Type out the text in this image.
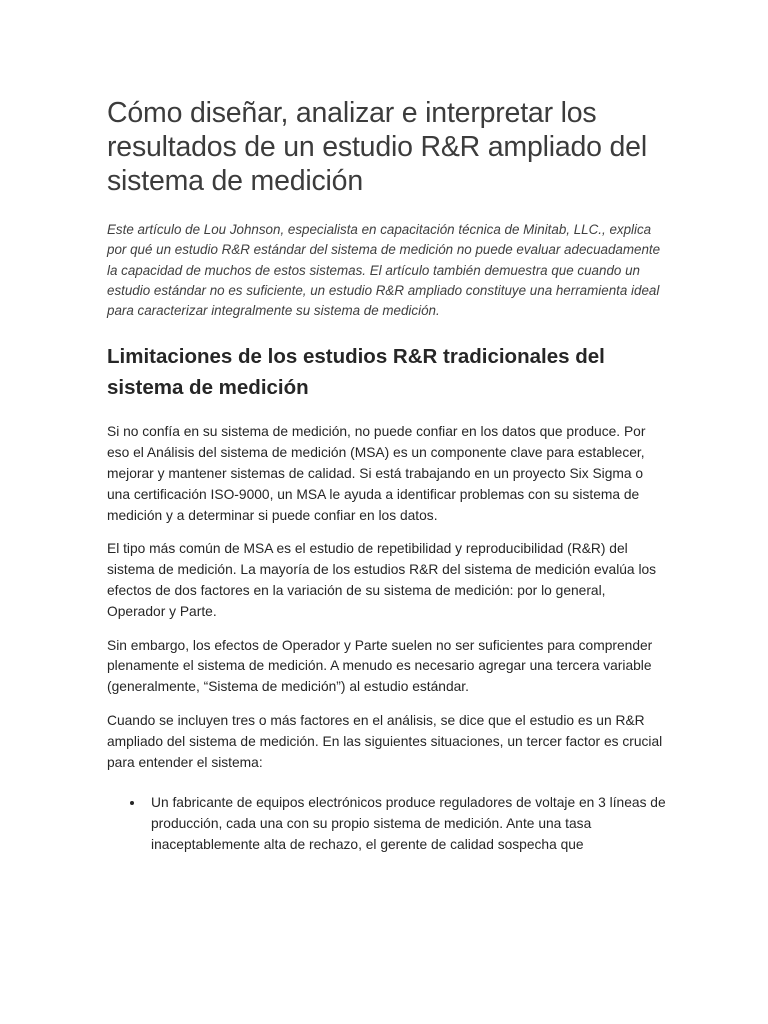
Cómo diseñar, analizar e interpretar los resultados de un estudio R&R ampliado del sistema de medición

Este artículo de Lou Johnson, especialista en capacitación técnica de Minitab, LLC., explica por qué un estudio R&R estándar del sistema de medición no puede evaluar adecuadamente la capacidad de muchos de estos sistemas. El artículo también demuestra que cuando un estudio estándar no es suficiente, un estudio R&R ampliado constituye una herramienta ideal para caracterizar integralmente su sistema de medición.

Limitaciones de los estudios R&R tradicionales del sistema de medición

Si no confía en su sistema de medición, no puede confiar en los datos que produce. Por eso el Análisis del sistema de medición (MSA) es un componente clave para establecer, mejorar y mantener sistemas de calidad. Si está trabajando en un proyecto Six Sigma o una certificación ISO-9000, un MSA le ayuda a identificar problemas con su sistema de medición y a determinar si puede confiar en los datos.

El tipo más común de MSA es el estudio de repetibilidad y reproducibilidad (R&R) del sistema de medición. La mayoría de los estudios R&R del sistema de medición evalúa los efectos de dos factores en la variación de su sistema de medición: por lo general, Operador y Parte.

Sin embargo, los efectos de Operador y Parte suelen no ser suficientes para comprender plenamente el sistema de medición. A menudo es necesario agregar una tercera variable (generalmente, “Sistema de medición”) al estudio estándar.

Cuando se incluyen tres o más factores en el análisis, se dice que el estudio es un R&R ampliado del sistema de medición. En las siguientes situaciones, un tercer factor es crucial para entender el sistema:

Un fabricante de equipos electrónicos produce reguladores de voltaje en 3 líneas de producción, cada una con su propio sistema de medición. Ante una tasa inaceptablemente alta de rechazo, el gerente de calidad sospecha que
